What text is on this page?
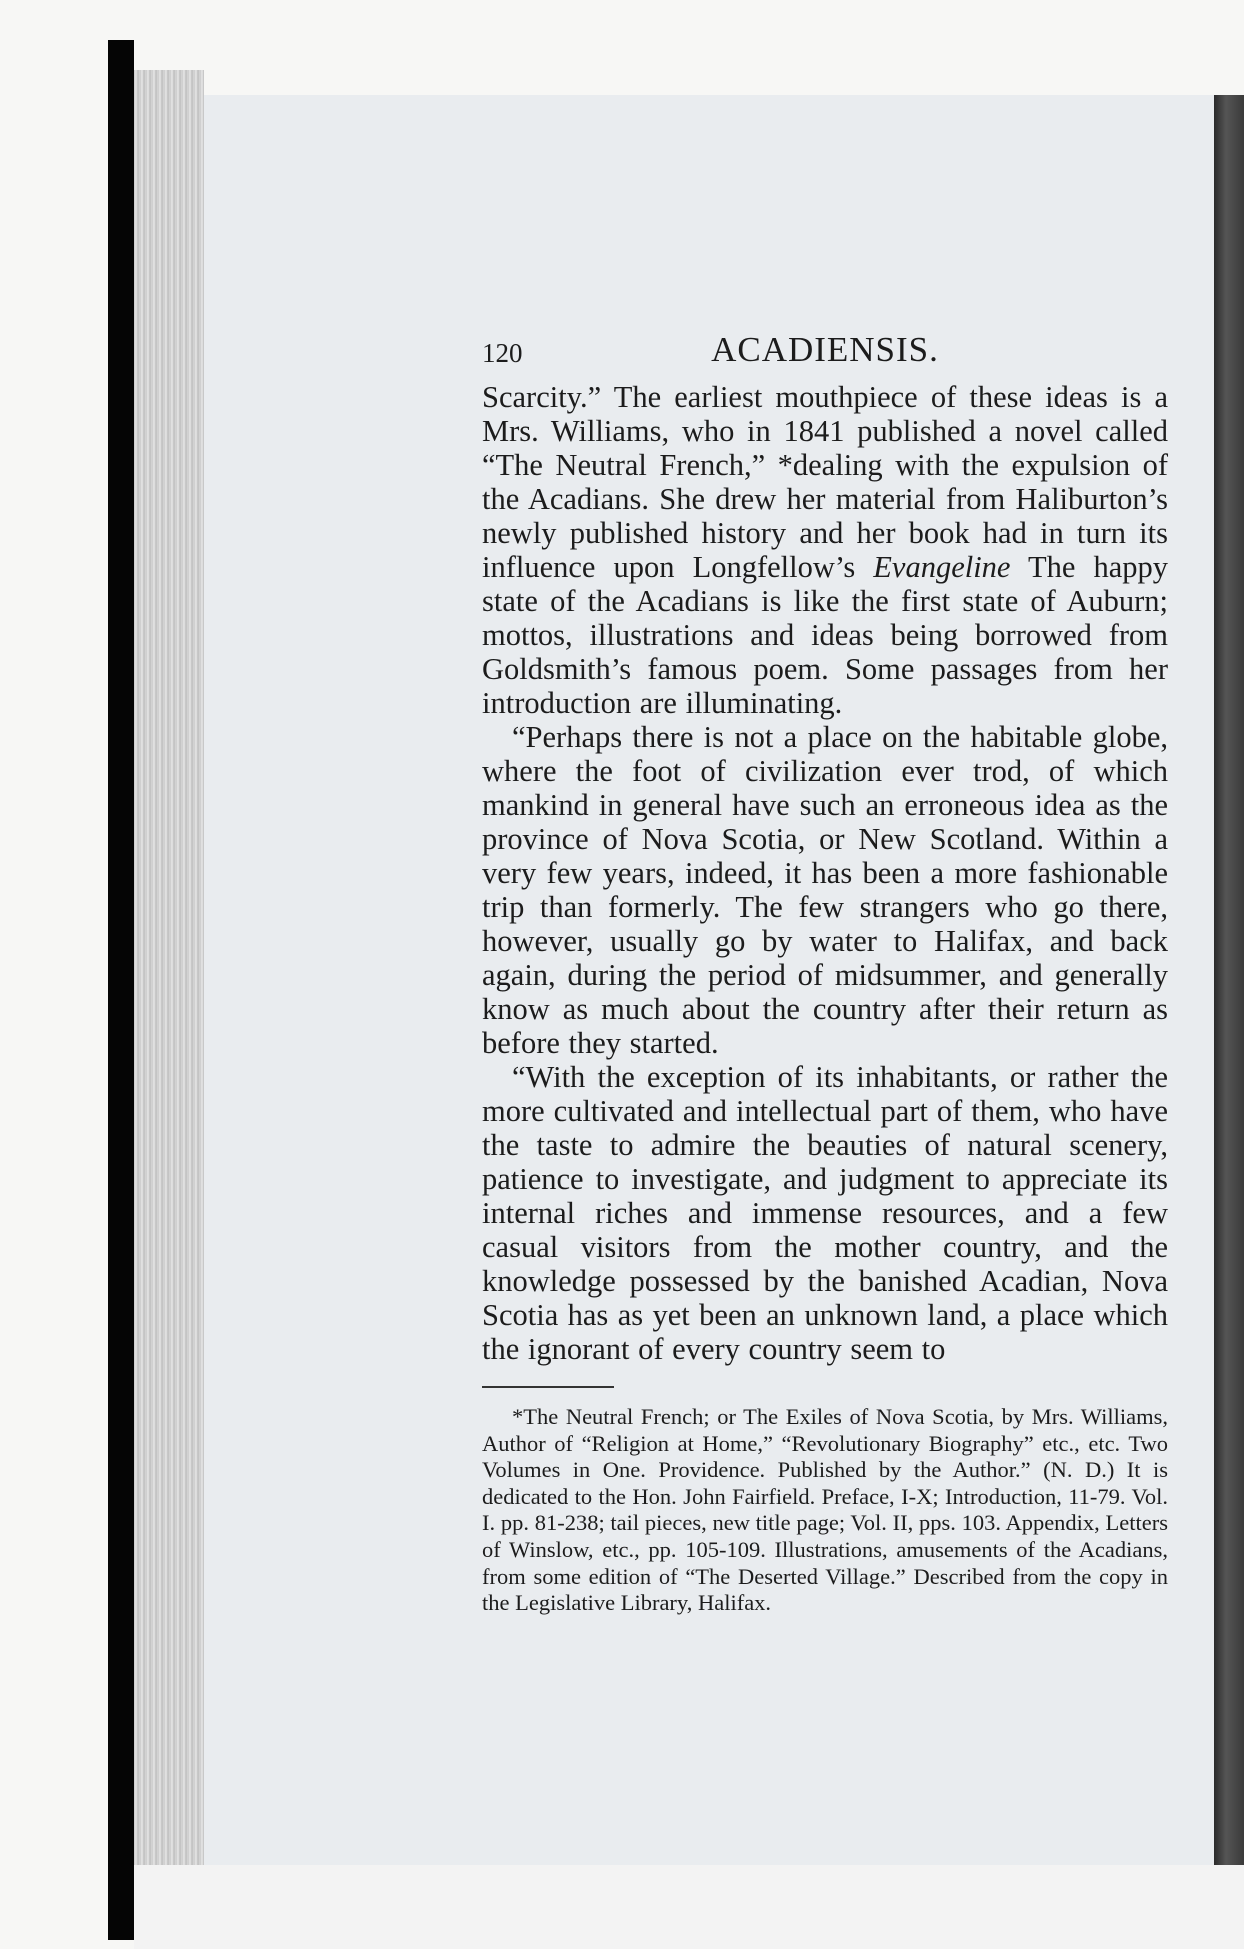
120	ACADIENSIS.

Scarcity.” The earliest mouthpiece of these ideas is a Mrs. Williams, who in 1841 published a novel called “The Neutral French,” *dealing with the expulsion of the Acadians. She drew her material from Haliburton’s newly published history and her book had in turn its influence upon Longfellow’s Evangeline The happy state of the Acadians is like the first state of Auburn; mottos, illustrations and ideas being borrowed from Goldsmith’s famous poem. Some passages from her introduction are illuminating.

“Perhaps there is not a place on the habitable globe, where the foot of civilization ever trod, of which mankind in general have such an erroneous idea as the province of Nova Scotia, or New Scotland. Within a very few years, indeed, it has been a more fashionable trip than formerly. The few strangers who go there, however, usually go by water to Halifax, and back again, during the period of midsummer, and generally know as much about the country after their return as before they started.

“With the exception of its inhabitants, or rather the more cultivated and intellectual part of them, who have the taste to admire the beauties of natural scenery, patience to investigate, and judgment to appreciate its internal riches and immense resources, and a few casual visitors from the mother country, and the knowledge possessed by the banished Acadian, Nova Scotia has as yet been an unknown land, a place which the ignorant of every country seem to

*The Neutral French; or The Exiles of Nova Scotia, by Mrs. Williams, Author of “Religion at Home,” “Revolutionary Biography” etc., etc. Two Volumes in One. Providence. Published by the Author.” (N. D.) It is dedicated to the Hon. John Fairfield. Preface, I-X; Introduction, 11-79. Vol. I. pp. 81-238; tail pieces, new title page; Vol. II, pps. 103. Appendix, Letters of Winslow, etc., pp. 105-109. Illustrations, amusements of the Acadians, from some edition of “The Deserted Village.” Described from the copy in the Legislative Library, Halifax.
